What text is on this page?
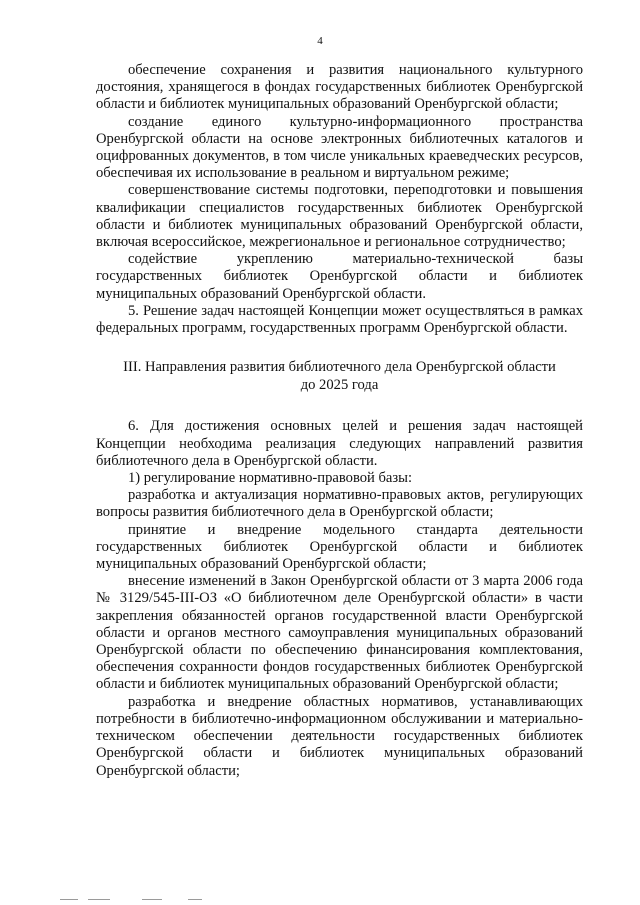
4

обеспечение сохранения и развития национального культурного достояния, хранящегося в фондах государственных библиотек Оренбургской области и библиотек муниципальных образований Оренбургской области;

создание единого культурно-информационного пространства Оренбургской области на основе электронных библиотечных каталогов и оцифрованных документов, в том числе уникальных краеведческих ресурсов, обеспечивая их использование в реальном и виртуальном режиме;

совершенствование системы подготовки, переподготовки и повышения квалификации специалистов государственных библиотек Оренбургской области и библиотек муниципальных образований Оренбургской области, включая всероссийское, межрегиональное и региональное сотрудничество;

содействие укреплению материально-технической базы государственных библиотек Оренбургской области и библиотек муниципальных образований Оренбургской области.

5. Решение задач настоящей Концепции может осуществляться в рамках федеральных программ, государственных программ Оренбургской области.

III. Направления развития библиотечного дела Оренбургской области
до 2025 года

6. Для достижения основных целей и решения задач настоящей Концепции необходима реализация следующих направлений развития библиотечного дела в Оренбургской области.

1) регулирование нормативно-правовой базы:

разработка и актуализация нормативно-правовых актов, регулирующих вопросы развития библиотечного дела в Оренбургской области;

принятие и внедрение модельного стандарта деятельности государственных библиотек Оренбургской области и библиотек муниципальных образований Оренбургской области;

внесение изменений в Закон Оренбургской области от 3 марта 2006 года № 3129/545-III-ОЗ «О библиотечном деле Оренбургской области» в части закрепления обязанностей органов государственной власти Оренбургской области и органов местного самоуправления муниципальных образований Оренбургской области по обеспечению финансирования комплектования, обеспечения сохранности фондов государственных библиотек Оренбургской области и библиотек муниципальных образований Оренбургской области;

разработка и внедрение областных нормативов, устанавливающих потребности в библиотечно-информационном обслуживании и материально-техническом обеспечении деятельности государственных библиотек Оренбургской области и библиотек муниципальных образований Оренбургской области;
